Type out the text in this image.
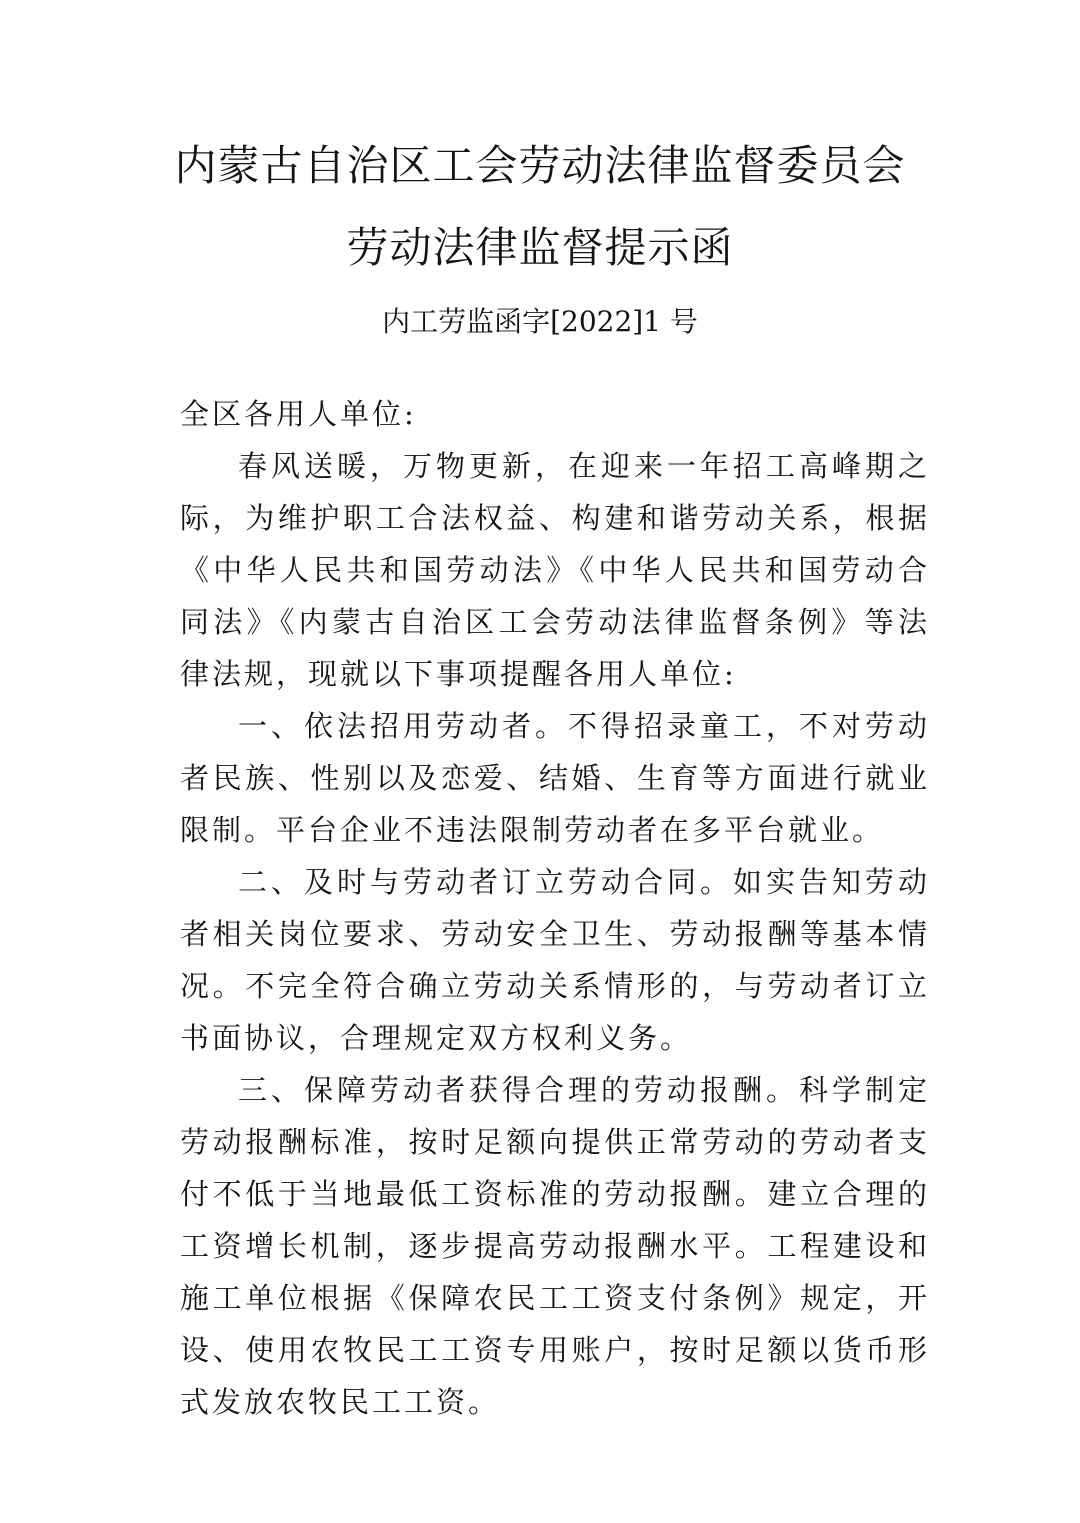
内蒙古自治区工会劳动法律监督委员会
劳动法律监督提示函
内工劳监函字[2022]1 号

全区各用人单位:

春风送暖，万物更新，在迎来一年招工高峰期之际，为维护职工合法权益、构建和谐劳动关系，根据《中华人民共和国劳动法》《中华人民共和国劳动合同法》《内蒙古自治区工会劳动法律监督条例》等法律法规，现就以下事项提醒各用人单位:

一、依法招用劳动者。不得招录童工，不对劳动者民族、性别以及恋爱、结婚、生育等方面进行就业限制。平台企业不违法限制劳动者在多平台就业。

二、及时与劳动者订立劳动合同。如实告知劳动者相关岗位要求、劳动安全卫生、劳动报酬等基本情况。不完全符合确立劳动关系情形的，与劳动者订立书面协议，合理规定双方权利义务。

三、保障劳动者获得合理的劳动报酬。科学制定劳动报酬标准，按时足额向提供正常劳动的劳动者支付不低于当地最低工资标准的劳动报酬。建立合理的工资增长机制，逐步提高劳动报酬水平。工程建设和施工单位根据《保障农民工工资支付条例》规定，开设、使用农牧民工工资专用账户，按时足额以货币形式发放农牧民工工资。
